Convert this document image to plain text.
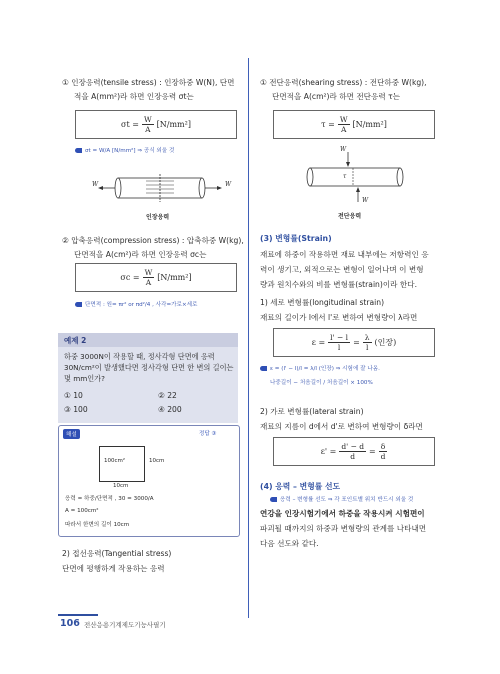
① 인장응력(tensile stress) : 인장하중 W(N), 단면
적을 A(mm²)라 하면 인장응력 σt는
$\sigma t = \frac{W}{A} [N/mm^2]$
σt = W/A [N/mm²] ⇒ 공식 외울 것
W	W
인장응력
② 압축응력(compression stress) : 압축하중 W(kg),
단면적을 A(cm²)라 하면 인장응력 σc는
$\sigma c = \frac{W}{A} [N/mm^2]$
단면적 : 원= πr² or πd²/4 , 사각=가로×세로
예제 2
하중 3000N이 작용할 때, 정사각형 단면에 응력
30N/cm²이 발생했다면 정사각형 단면 한 변의 길이는
몇 mm인가?
① 10	② 22
③ 100	④ 200
해설	정답 ③
100cm²	10cm
10cm
응력 = 하중/단면적 , 30 = 3000/A
A = 100cm²
따라서 한변의 길이 10cm
2) 접선응력(Tangential stress)
단면에 평행하게 작용하는 응력
① 전단응력(shearing stress) : 전단하중 W(kg),
단면적을 A(cm²)라 하면 전단응력 τ는
$\tau = \frac{W}{A} [N/mm^2]$
W
W
τ
전단응력
(3) 변형률(Strain)
재료에 하중이 작용하면 재료 내부에는 저항력인 응
력이 생기고, 외적으로는 변형이 일어나며 이 변형
량과 원치수와의 비를 변형률(strain)이라 한다.
1) 세로 변형률(longitudinal strain)
재료의 길이가 l에서 l'로 변하여 변형량이 λ라면
$\varepsilon = \frac{l' - l}{l} = \frac{\lambda}{l}$ (인장)
ε = (l' − l)/l = λ/l (인장) ⇒ 시험에 잘 나옴.
나중길이 − 처음길이 / 처음길이 × 100%
2) 가로 변형률(lateral strain)
재료의 지름이 d에서 d'로 변하여 변형량이 δ라면
$\varepsilon' = \frac{d' - d}{d} = \frac{\delta}{d}$
(4) 응력 – 변형률 선도
응력 – 변형률 선도 ⇒ 각 포인트별 위치 반드시 외울 것
연강을 인장시험기에서 하중을 작용시켜 시험편이
파괴될 때까지의 하중과 변형량의 관계를 나타내면
다음 선도와 같다.
106 전산응용기계제도기능사필기
